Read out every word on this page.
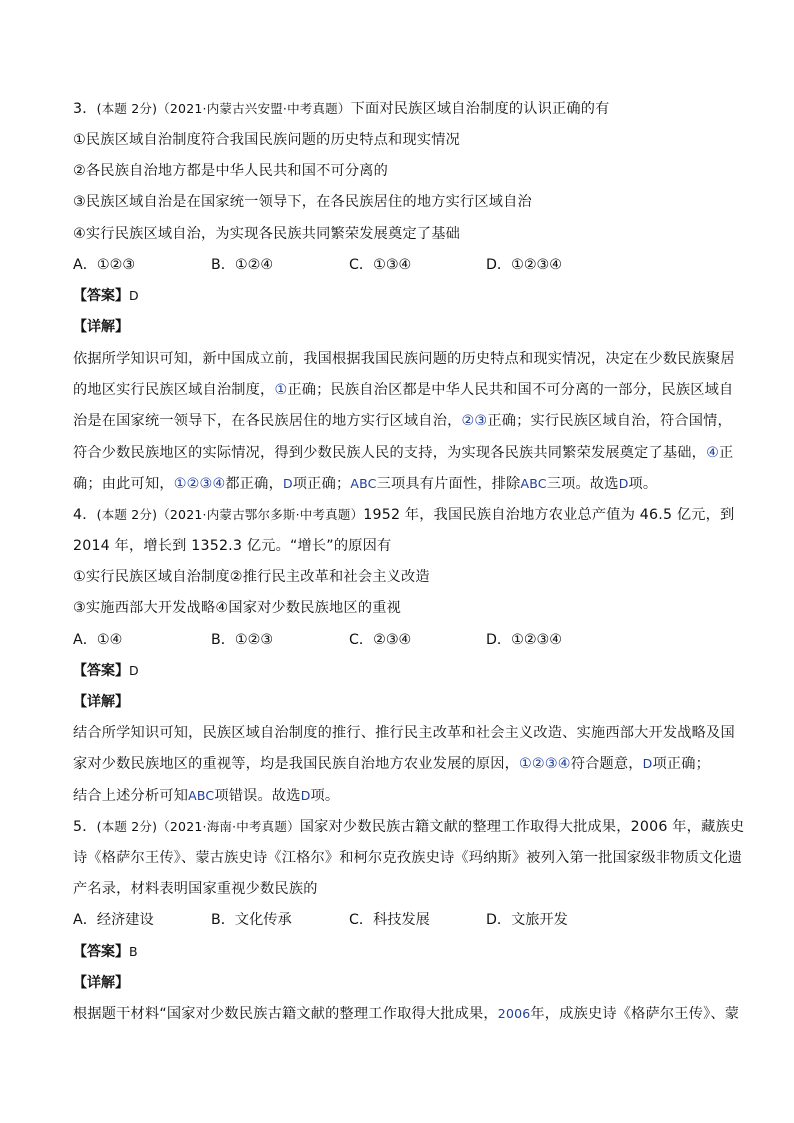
3．(本题 2分)（2021·内蒙古兴安盟·中考真题）下面对民族区域自治制度的认识正确的有
①民族区域自治制度符合我国民族问题的历史特点和现实情况
②各民族自治地方都是中华人民共和国不可分离的
③民族区域自治是在国家统一领导下，在各民族居住的地方实行区域自治
④实行民族区域自治，为实现各民族共同繁荣发展奠定了基础
A．①②③	B．①②④	C．①③④	D．①②③④
【答案】D
【详解】
依据所学知识可知，新中国成立前，我国根据我国民族问题的历史特点和现实情况，决定在少数民族聚居
的地区实行民族区域自治制度，①正确；民族自治区都是中华人民共和国不可分离的一部分，民族区域自
治是在国家统一领导下，在各民族居住的地方实行区域自治，②③正确；实行民族区域自治，符合国情，
符合少数民族地区的实际情况，得到少数民族人民的支持，为实现各民族共同繁荣发展奠定了基础，④正
确；由此可知，①②③④都正确，D项正确；ABC三项具有片面性，排除ABC三项。故选D项。
4．(本题 2分)（2021·内蒙古鄂尔多斯·中考真题）1952 年，我国民族自治地方农业总产值为 46.5 亿元，到
2014 年，增长到 1352.3 亿元。“增长”的原因有
①实行民族区域自治制度②推行民主改革和社会主义改造
③实施西部大开发战略④国家对少数民族地区的重视
A．①④	B．①②③	C．②③④	D．①②③④
【答案】D
【详解】
结合所学知识可知，民族区域自治制度的推行、推行民主改革和社会主义改造、实施西部大开发战略及国
家对少数民族地区的重视等，均是我国民族自治地方农业发展的原因，①②③④符合题意，D项正确；
结合上述分析可知ABC项错误。故选D项。
5．(本题 2分)（2021·海南·中考真题）国家对少数民族古籍文献的整理工作取得大批成果，2006 年，藏族史
诗《格萨尔王传》、蒙古族史诗《江格尔》和柯尔克孜族史诗《玛纳斯》被列入第一批国家级非物质文化遗
产名录，材料表明国家重视少数民族的
A．经济建设	B．文化传承	C．科技发展	D．文旅开发
【答案】B
【详解】
根据题干材料“国家对少数民族古籍文献的整理工作取得大批成果，2006年，成族史诗《格萨尔王传》、蒙
